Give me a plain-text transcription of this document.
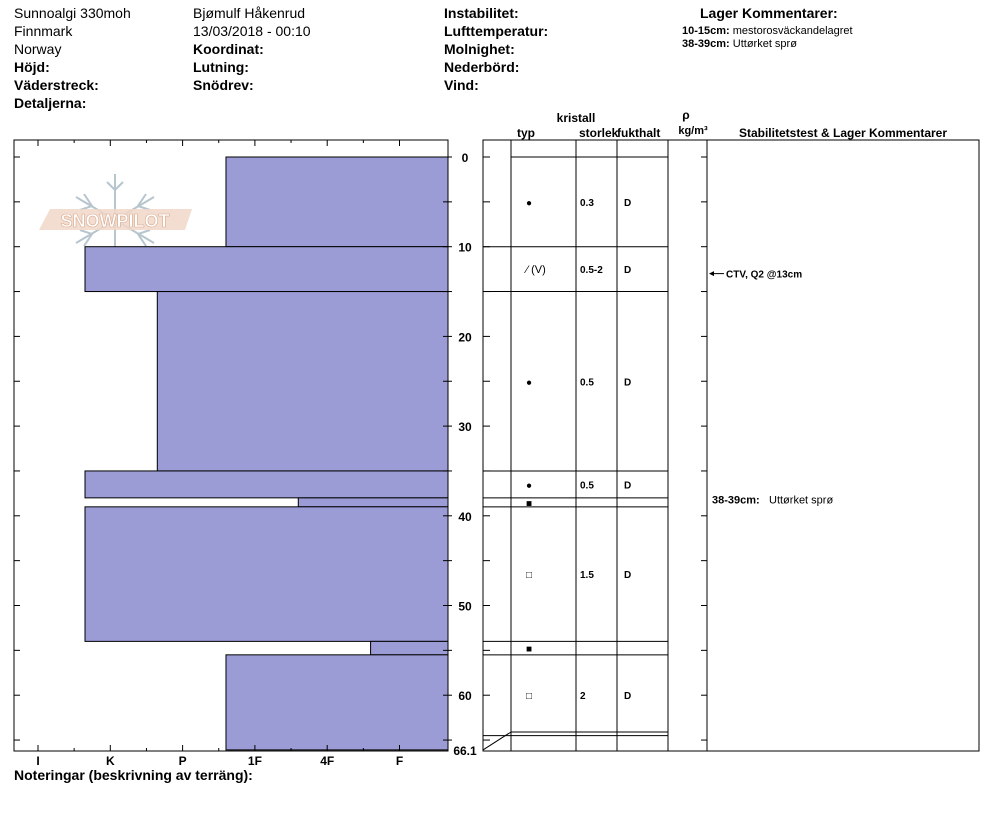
Sunnoalgi 330moh
Finnmark
Norway
Höjd:
Väderstreck:
Detaljerna:
Bjømulf Håkenrud
13/03/2018 - 00:10
Koordinat:
Lutning:
Snödrev:
Instabilitet:
Lufttemperatur:
Molnighet:
Nederbörd:
Vind:
Lager Kommentarer:
10-15cm: mestorosväckandelagret
38-39cm: Uttørket sprø
Noteringar (beskrivning av terräng):
kristall
typ	storlek
fukthalt
ρ
kg/m³	Stabilitetstest & Lager Kommentarer
SNOWPILOT
I	K	P	1F	4F	F
0
10
20
30
40
50
60
66.1
●	0.3	D
⁄ (V)	0.5-2 D
●	0.5	D
●	0.5	D
■
□	1.5	D
■
□	2	D
CTV, Q2 @13cm
38-39cm: Uttørket sprø
